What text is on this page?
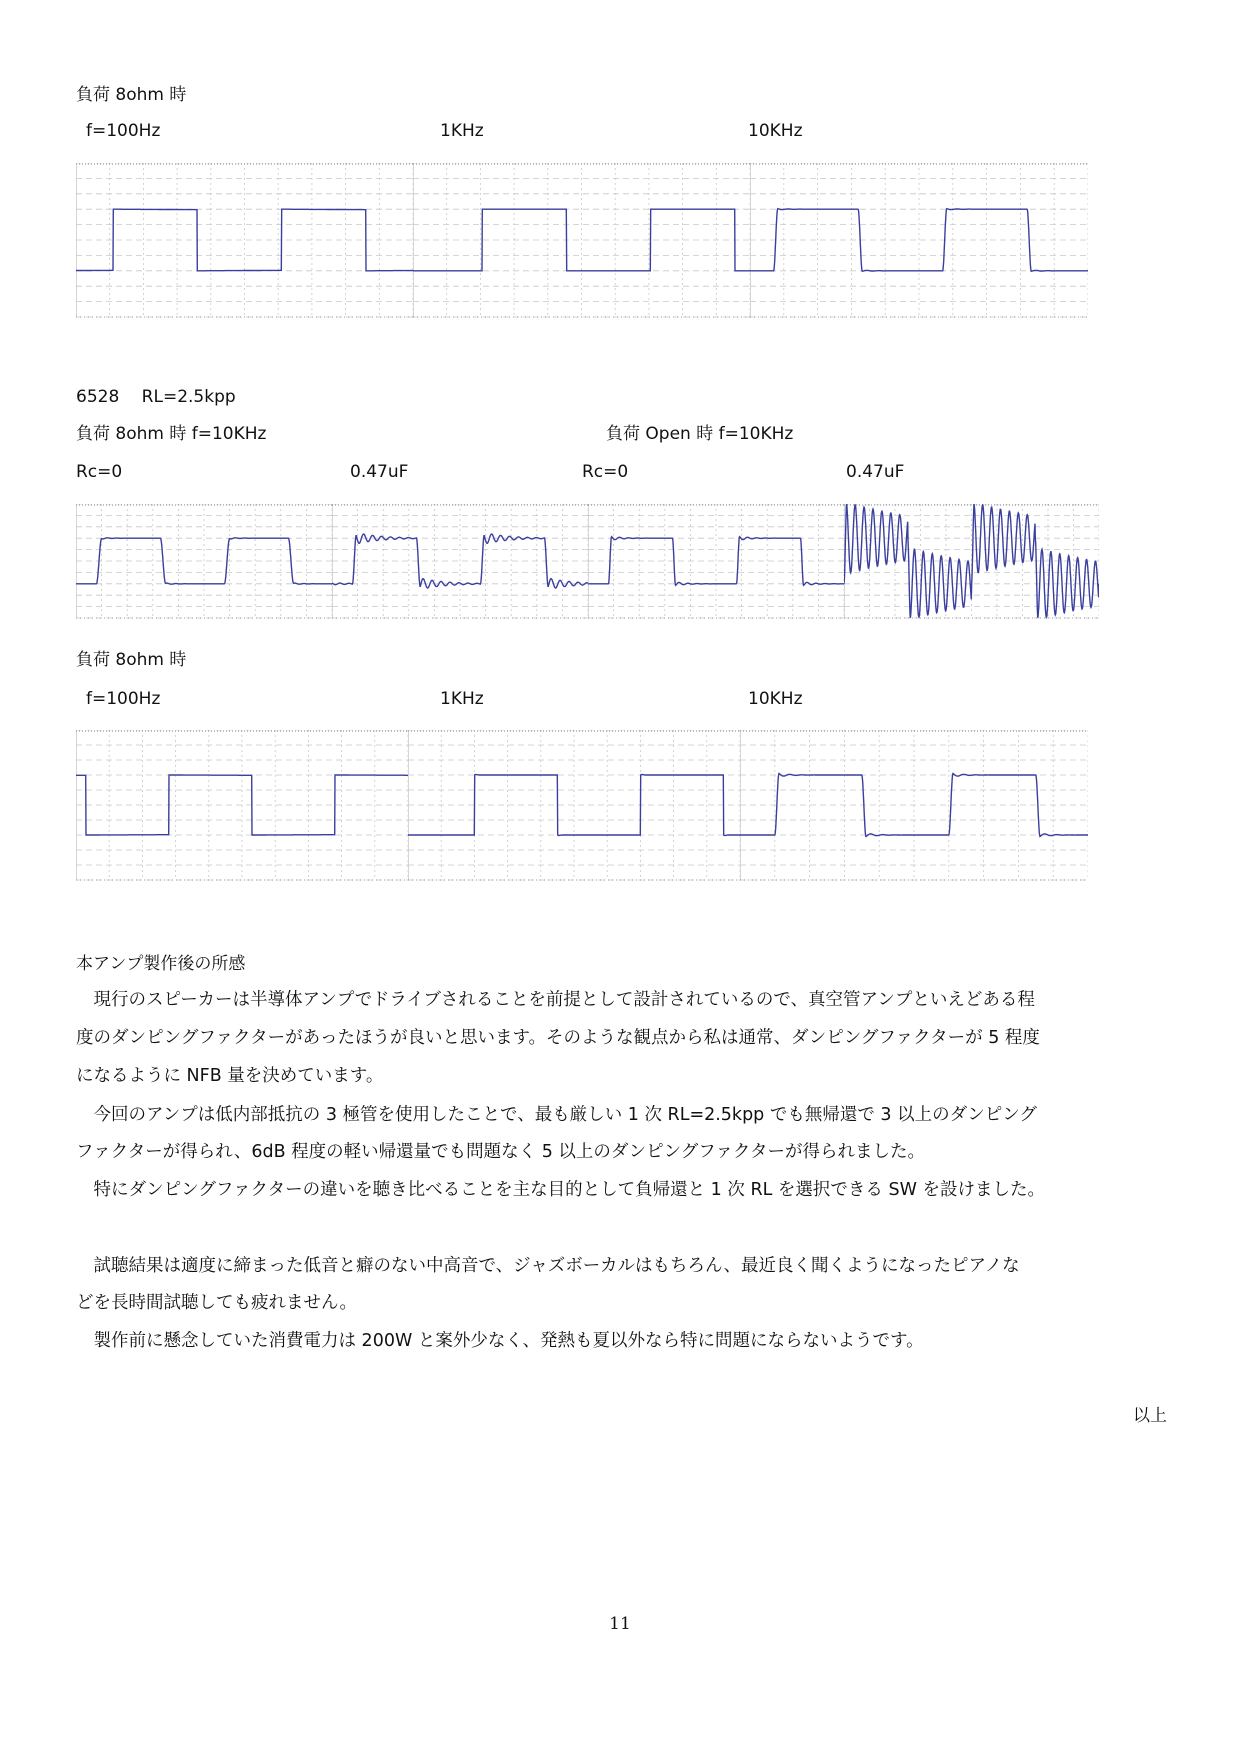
負荷 8ohm 時
f=100Hz	1KHz	10KHz
6528　 RL=2.5kpp
負荷 8ohm 時 f=10KHz	負荷 Open 時 f=10KHz
Rc=0	0.47uF	Rc=0	0.47uF
負荷 8ohm 時
f=100Hz	1KHz	10KHz
本アンプ製作後の所感
　現行のスピーカーは半導体アンプでドライブされることを前提として設計されているので、真空管アンプといえどある程
度のダンピングファクターがあったほうが良いと思います。そのような観点から私は通常、ダンピングファクターが 5 程度
になるように NFB 量を決めています。
　今回のアンプは低内部抵抗の 3 極管を使用したことで、最も厳しい 1 次 RL=2.5kpp でも無帰還で 3 以上のダンピング
ファクターが得られ、6dB 程度の軽い帰還量でも問題なく 5 以上のダンピングファクターが得られました。
　特にダンピングファクターの違いを聴き比べることを主な目的として負帰還と 1 次 RL を選択できる SW を設けました。
　試聴結果は適度に締まった低音と癖のない中高音で、ジャズボーカルはもちろん、最近良く聞くようになったピアノな
どを長時間試聴しても疲れません。
　製作前に懸念していた消費電力は 200W と案外少なく、発熱も夏以外なら特に問題にならないようです。
以上
11
